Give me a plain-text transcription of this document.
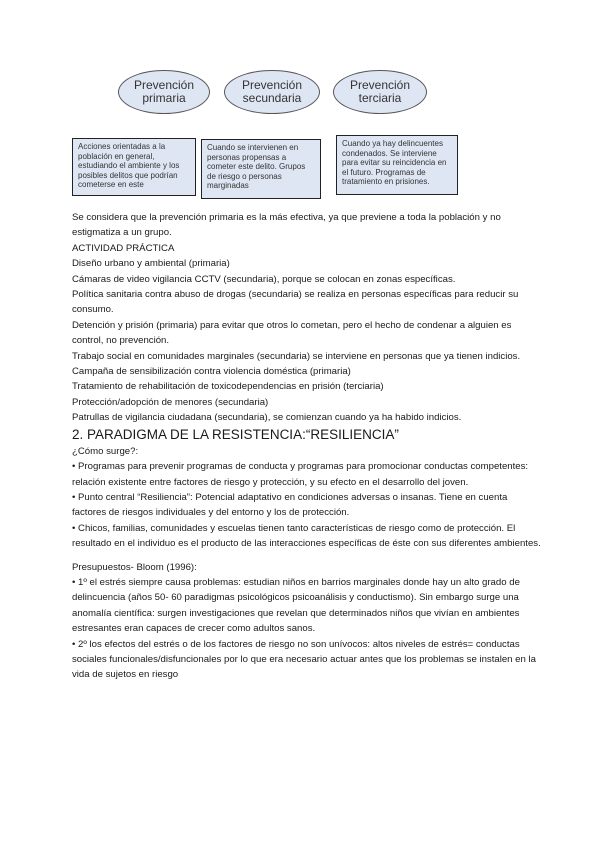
Prevención
primaria
Prevención
secundaria
Prevención
terciaria
Acciones orientadas a la población en general, estudiando el ambiente y los posibles delitos que podrían cometerse en este
Cuando se intervienen en personas propensas a cometer este delito. Grupos de riesgo o personas marginadas
Cuando ya hay delincuentes condenados. Se interviene para evitar su reincidencia en el futuro. Programas de tratamiento en prisiones.

Se considera que la prevención primaria es la más efectiva, ya que previene a toda la población y no estigmatiza a un grupo.

ACTIVIDAD PRÁCTICA

Diseño urbano y ambiental (primaria)

Cámaras de video vigilancia CCTV (secundaria), porque se colocan en zonas específicas.

Política sanitaria contra abuso de drogas (secundaria) se realiza en personas específicas para reducir su consumo.

Detención y prisión (primaria) para evitar que otros lo cometan, pero el hecho de condenar a alguien es control, no prevención.

Trabajo social en comunidades marginales (secundaria) se interviene en personas que ya tienen indicios.

Campaña de sensibilización contra violencia doméstica (primaria)

Tratamiento de rehabilitación de toxicodependencias en prisión (terciaria)

Protección/adopción de menores (secundaria)

Patrullas de vigilancia ciudadana (secundaria), se comienzan cuando ya ha habido indicios.

2. PARADIGMA DE LA RESISTENCIA:“RESILIENCIA”

¿Cómo surge?:

• Programas para prevenir programas de conducta y programas para promocionar conductas competentes: relación existente entre factores de riesgo y protección, y su efecto en el desarrollo del joven.

• Punto central “Resiliencia”: Potencial adaptativo en condiciones adversas o insanas. Tiene en cuenta factores de riesgos individuales y del entorno y los de protección.

• Chicos, familias, comunidades y escuelas tienen tanto características de riesgo como de protección. El resultado en el individuo es el producto de las interacciones específicas de éste con sus diferentes ambientes.

Presupuestos- Bloom (1996):

• 1º el estrés siempre causa problemas: estudian niños en barrios marginales donde hay un alto grado de delincuencia (años 50- 60 paradigmas psicológicos psicoanálisis y conductismo). Sin embargo surge una anomalía científica: surgen investigaciones que revelan que determinados niños que vivían en ambientes estresantes eran capaces de crecer como adultos sanos.

• 2º los efectos del estrés o de los factores de riesgo no son unívocos: altos niveles de estrés= conductas sociales funcionales/disfuncionales por lo que era necesario actuar antes que los problemas se instalen en la vida de sujetos en riesgo
